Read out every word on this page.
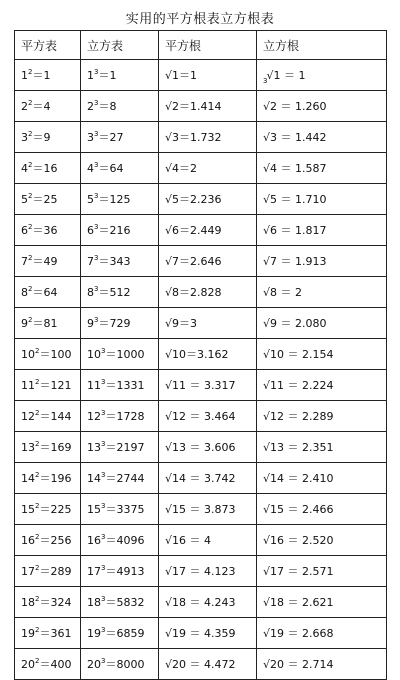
实用的平方根表立方根表
平方表	立方表	平方根	立方根
$1^2=1$	$1^3=1$	√1＝1	$_3$√1 ＝ 1
$2^2=4$	$2^3=8$	√2＝1.414	√2 ＝ 1.260
$3^2=9$	$3^3=27$	√3＝1.732	√3 ＝ 1.442
$4^2=16$	$4^3=64$	√4＝2	√4 ＝ 1.587
$5^2=25$	$5^3=125$	√5＝2.236	√5 ＝ 1.710
$6^2=36$	$6^3=216$	√6＝2.449	√6 ＝ 1.817
$7^2=49$	$7^3=343$	√7＝2.646	√7 ＝ 1.913
$8^2=64$	$8^3=512$	√8＝2.828	√8 ＝ 2
$9^2=81$	$9^3=729$	√9＝3	√9 ＝ 2.080
$10^2=100$	$10^3=1000$	√10＝3.162	√10 ＝ 2.154
$11^2=121$	$11^3=1331$	√11 ＝ 3.317	√11 ＝ 2.224
$12^2=144$	$12^3=1728$	√12 ＝ 3.464	√12 ＝ 2.289
$13^2=169$	$13^3=2197$	√13 ＝ 3.606	√13 ＝ 2.351
$14^2=196$	$14^3=2744$	√14 ＝ 3.742	√14 ＝ 2.410
$15^2=225$	$15^3=3375$	√15 ＝ 3.873	√15 ＝ 2.466
$16^2=256$	$16^3=4096$	√16 ＝ 4	√16 ＝ 2.520
$17^2=289$	$17^3=4913$	√17 ＝ 4.123	√17 ＝ 2.571
$18^2=324$	$18^3=5832$	√18 ＝ 4.243	√18 ＝ 2.621
$19^2=361$	$19^3=6859$	√19 ＝ 4.359	√19 ＝ 2.668
$20^2=400$	$20^3=8000$	√20 ＝ 4.472	√20 ＝ 2.714
